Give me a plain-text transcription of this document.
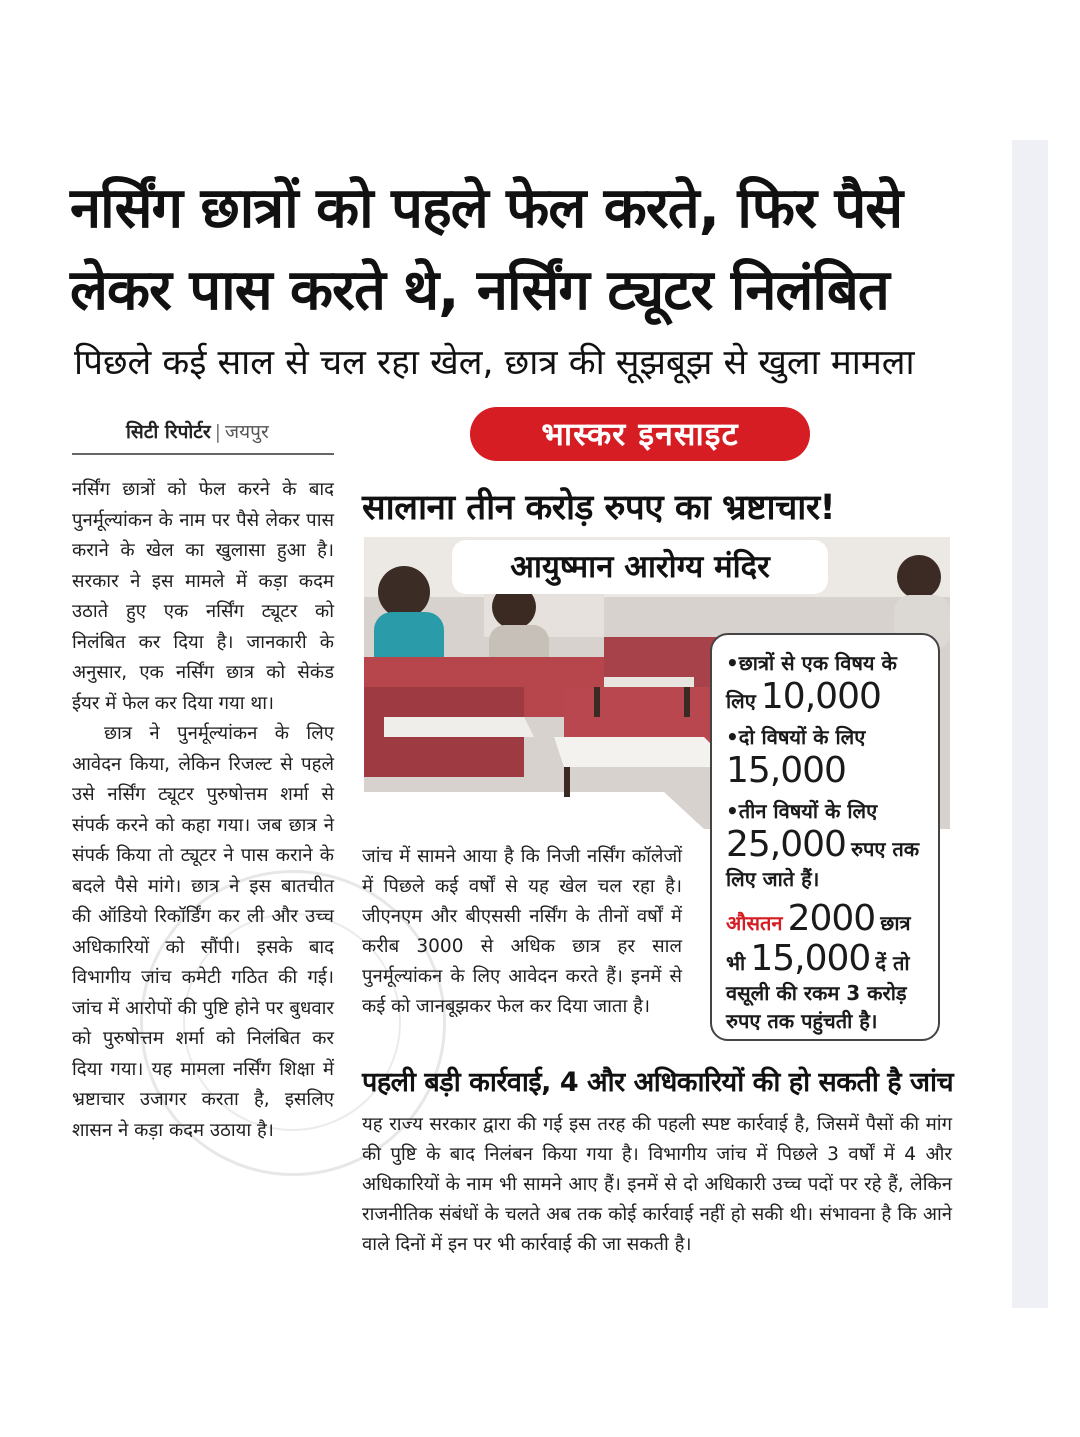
नर्सिंग छात्रों को पहले फेल करते, फिर पैसे लेकर पास करते थे, नर्सिंग ट्यूटर निलंबित

पिछले कई साल से चल रहा खेल, छात्र की सूझबूझ से खुला मामला

सिटी रिपोर्टर | जयपुर	भास्कर इनसाइट

नर्सिंग छात्रों को फेल करने के बाद पुनर्मूल्यांकन के नाम पर पैसे लेकर पास कराने के खेल का खुलासा हुआ है। सरकार ने इस मामले में कड़ा कदम उठाते हुए एक नर्सिंग ट्यूटर को निलंबित कर दिया है। जानकारी के अनुसार, एक नर्सिंग छात्र को सेकंड ईयर में फेल कर दिया गया था।

छात्र ने पुनर्मूल्यांकन के लिए आवेदन किया, लेकिन रिजल्ट से पहले उसे नर्सिंग ट्यूटर पुरुषोत्तम शर्मा से संपर्क करने को कहा गया। जब छात्र ने संपर्क किया तो ट्यूटर ने पास कराने के बदले पैसे मांगे। छात्र ने इस बातचीत की ऑडियो रिकॉर्डिंग कर ली और उच्च अधिकारियों को सौंपी। इसके बाद विभागीय जांच कमेटी गठित की गई। जांच में आरोपों की पुष्टि होने पर बुधवार को पुरुषोत्तम शर्मा को निलंबित कर दिया गया। यह मामला नर्सिंग शिक्षा में भ्रष्टाचार उजागर करता है, इसलिए शासन ने कड़ा कदम उठाया है।

सालाना तीन करोड़ रुपए का भ्रष्टाचार!
आयुष्मान आरोग्य मंदिर

•छात्रों से एक विषय के

लिए 10,000

•दो विषयों के लिए

15,000

•तीन विषयों के लिए

25,000 रुपए तक

लिए जाते हैं।

औसतन 2000 छात्र

भी 15,000 दें तो

वसूली की रकम 3 करोड़

रुपए तक पहुंचती है।

जांच में सामने आया है कि निजी नर्सिंग कॉलेजों में पिछले कई वर्षों से यह खेल चल रहा है। जीएनएम और बीएससी नर्सिंग के तीनों वर्षों में करीब 3000 से अधिक छात्र हर साल पुनर्मूल्यांकन के लिए आवेदन करते हैं। इनमें से कई को जानबूझकर फेल कर दिया जाता है।

पहली बड़ी कार्रवाई, 4 और अधिकारियों की हो सकती है जांच

यह राज्य सरकार द्वारा की गई इस तरह की पहली स्पष्ट कार्रवाई है, जिसमें पैसों की मांग की पुष्टि के बाद निलंबन किया गया है। विभागीय जांच में पिछले 3 वर्षों में 4 और अधिकारियों के नाम भी सामने आए हैं। इनमें से दो अधिकारी उच्च पदों पर रहे हैं, लेकिन राजनीतिक संबंधों के चलते अब तक कोई कार्रवाई नहीं हो सकी थी। संभावना है कि आने वाले दिनों में इन पर भी कार्रवाई की जा सकती है।
